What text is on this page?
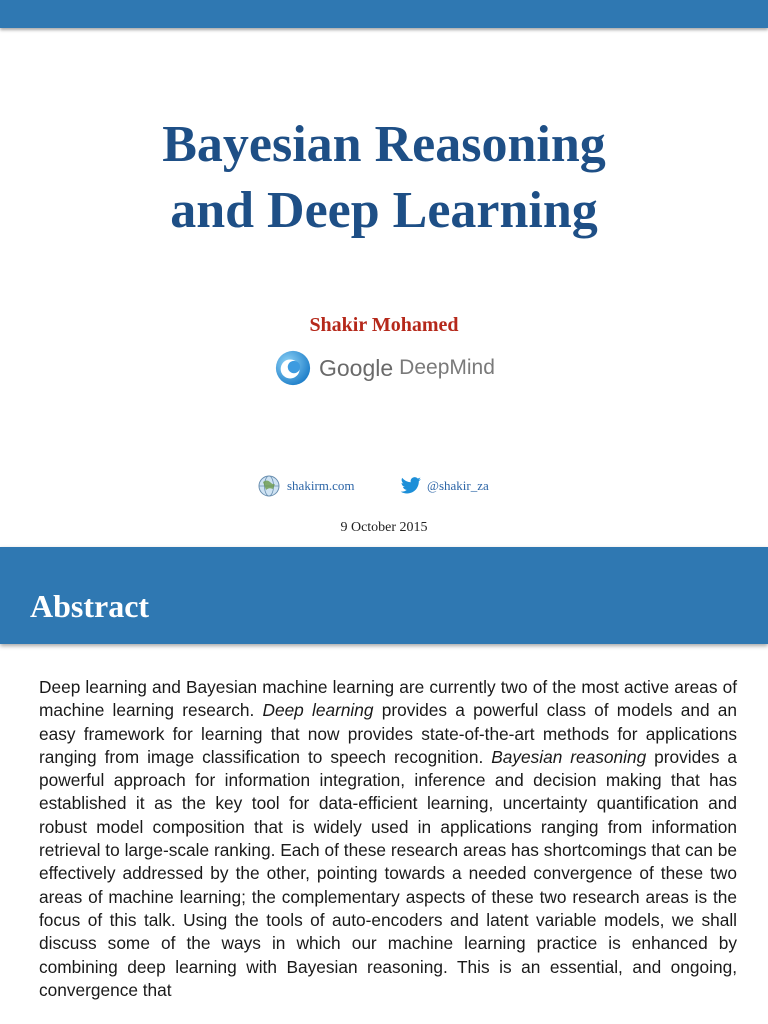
Bayesian Reasoning
and Deep Learning
Shakir Mohamed
Google DeepMind
shakirm.com	@shakir_za
9 October 2015
Abstract

Deep learning and Bayesian machine learning are currently two of the most active areas of machine learning research. Deep learning provides a powerful class of models and an easy framework for learning that now provides state-of-the-art methods for applications ranging from image classification to speech recognition. Bayesian reasoning provides a powerful approach for information integration, inference and decision making that has established it as the key tool for data-efficient learning, uncertainty quantification and robust model composition that is widely used in applications ranging from information retrieval to large-scale ranking. Each of these research areas has shortcomings that can be effectively addressed by the other, pointing towards a needed convergence of these two areas of machine learning; the complementary aspects of these two research areas is the focus of this talk. Using the tools of auto-encoders and latent variable models, we shall discuss some of the ways in which our machine learning practice is enhanced by combining deep learning with Bayesian reasoning. This is an essential, and ongoing, convergence that
